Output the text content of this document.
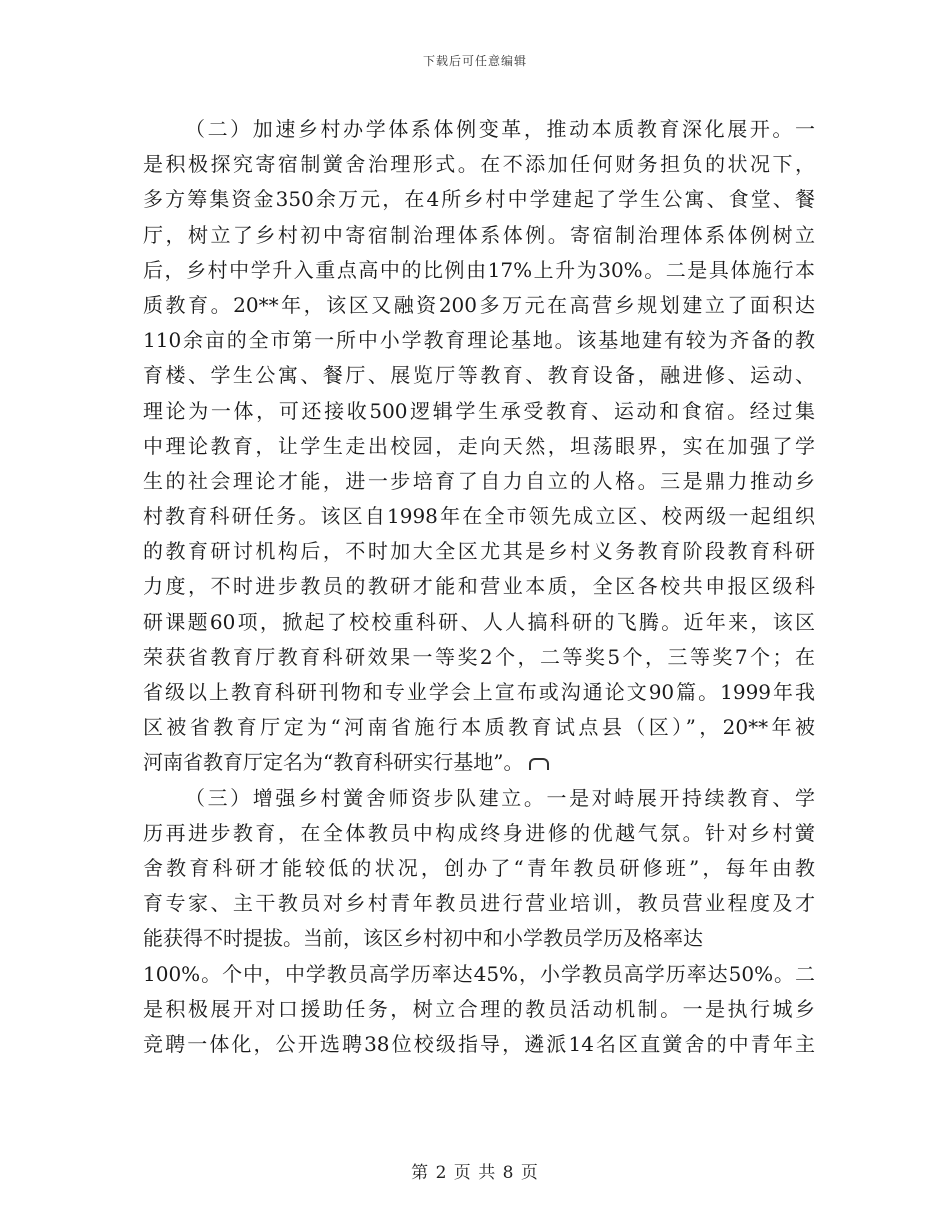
下载后可任意编辑
（二）加速乡村办学体系体例变革，推动本质教育深化展开。一
是积极探究寄宿制黉舍治理形式。在不添加任何财务担负的状况下，
多方筹集资金350余万元，在4所乡村中学建起了学生公寓、食堂、餐
厅，树立了乡村初中寄宿制治理体系体例。寄宿制治理体系体例树立
后，乡村中学升入重点高中的比例由17%上升为30%。二是具体施行本
质教育。20**年，该区又融资200多万元在高营乡规划建立了面积达
110余亩的全市第一所中小学教育理论基地。该基地建有较为齐备的教
育楼、学生公寓、餐厅、展览厅等教育、教育设备，融进修、运动、
理论为一体，可还接收500逻辑学生承受教育、运动和食宿。经过集
中理论教育，让学生走出校园，走向天然，坦荡眼界，实在加强了学
生的社会理论才能，进一步培育了自力自立的人格。三是鼎力推动乡
村教育科研任务。该区自1998年在全市领先成立区、校两级一起组织
的教育研讨机构后，不时加大全区尤其是乡村义务教育阶段教育科研
力度，不时进步教员的教研才能和营业本质，全区各校共申报区级科
研课题60项，掀起了校校重科研、人人搞科研的飞腾。近年来，该区
荣获省教育厅教育科研效果一等奖2个，二等奖5个，三等奖7个；在
省级以上教育科研刊物和专业学会上宣布或沟通论文90篇。1999年我
区被省教育厅定为“河南省施行本质教育试点县（区）”，20**年被
河南省教育厅定名为“教育科研实行基地”。
（三）增强乡村黉舍师资步队建立。一是对峙展开持续教育、学
历再进步教育，在全体教员中构成终身进修的优越气氛。针对乡村黉
舍教育科研才能较低的状况，创办了“青年教员研修班”，每年由教
育专家、主干教员对乡村青年教员进行营业培训，教员营业程度及才
能获得不时提拔。当前，该区乡村初中和小学教员学历及格率达
100%。个中，中学教员高学历率达45%，小学教员高学历率达50%。二
是积极展开对口援助任务，树立合理的教员活动机制。一是执行城乡
竞聘一体化，公开选聘38位校级指导，遴派14名区直黉舍的中青年主
第 2 页 共 8 页
